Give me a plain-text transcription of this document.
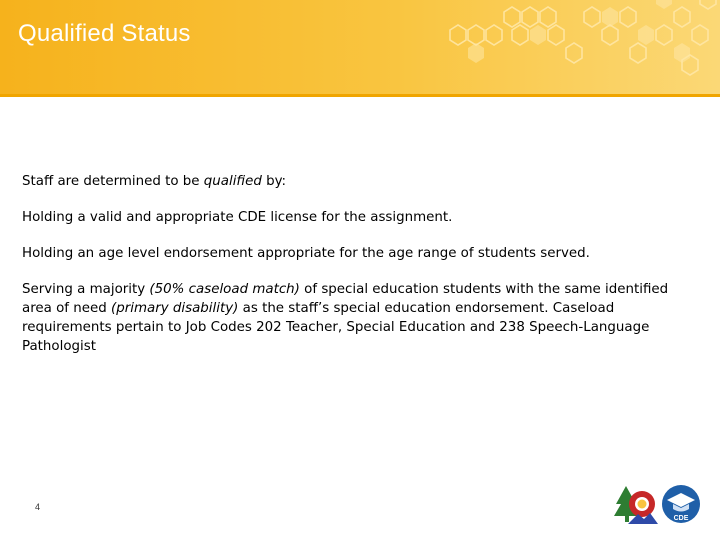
Qualified Status

Staff are determined to be qualified by:

Holding a valid and appropriate CDE license for the assignment.

Holding an age level endorsement appropriate for the age range of students served.

Serving a majority (50% caseload match) of special education students with the same identified area of need (primary disability) as the staff’s special education endorsement. Caseload requirements pertain to Job Codes 202 Teacher, Special Education and 238 Speech-Language Pathologist

4
CDE
